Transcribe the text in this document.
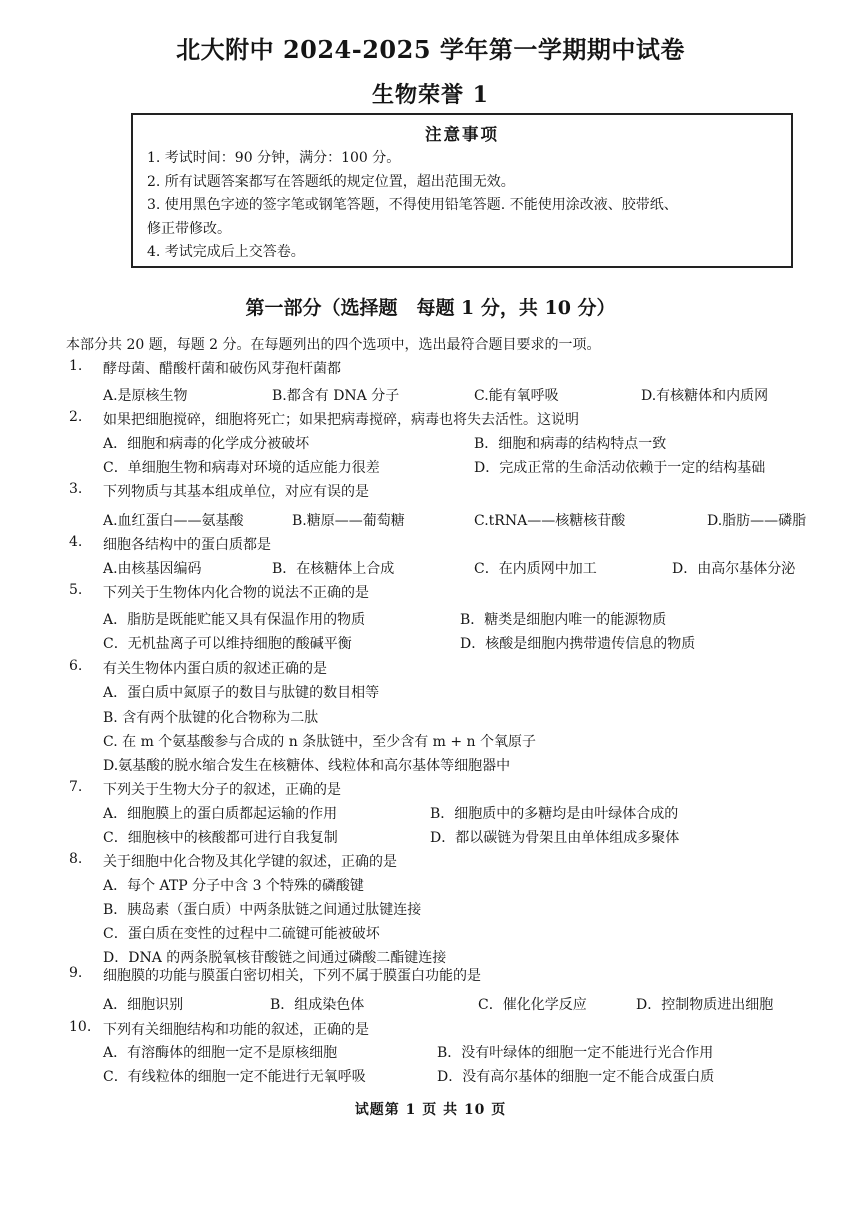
北大附中 2024-2025 学年第一学期期中试卷
生物荣誉 1
注意事项
1. 考试时间：90 分钟，满分：100 分。
2. 所有试题答案都写在答题纸的规定位置，超出范围无效。
3. 使用黑色字迹的签字笔或钢笔答题，不得使用铅笔答题. 不能使用涂改液、胶带纸、
修正带修改。
4. 考试完成后上交答卷。
第一部分（选择题　每题 1 分，共 10 分）
本部分共 20 题，每题 2 分。在每题列出的四个选项中，选出最符合题目要求的一项。
1.	酵母菌、醋酸杆菌和破伤风芽孢杆菌都
A.是原核生物	B.都含有 DNA 分子	C.能有氧呼吸	D.有核糖体和内质网
2.	如果把细胞搅碎，细胞将死亡；如果把病毒搅碎，病毒也将失去活性。这说明
A．细胞和病毒的化学成分被破坏	B．细胞和病毒的结构特点一致
C．单细胞生物和病毒对环境的适应能力很差	D．完成正常的生命活动依赖于一定的结构基础
3.	下列物质与其基本组成单位，对应有误的是
A.血红蛋白——氨基酸	B.糖原——葡萄糖	C.tRNA——核糖核苷酸	D.脂肪——磷脂
4.	细胞各结构中的蛋白质都是
A.由核基因编码	B．在核糖体上合成	C．在内质网中加工	D．由高尔基体分泌
5.	下列关于生物体内化合物的说法不正确的是
A．脂肪是既能贮能又具有保温作用的物质	B．糖类是细胞内唯一的能源物质
C．无机盐离子可以维持细胞的酸碱平衡	D．核酸是细胞内携带遗传信息的物质
6.	有关生物体内蛋白质的叙述正确的是
A．蛋白质中氮原子的数目与肽键的数目相等
B. 含有两个肽键的化合物称为二肽
C. 在 m 个氨基酸参与合成的 n 条肽链中，至少含有 m + n 个氧原子
D.氨基酸的脱水缩合发生在核糖体、线粒体和高尔基体等细胞器中
7.	下列关于生物大分子的叙述，正确的是
A．细胞膜上的蛋白质都起运输的作用	B．细胞质中的多糖均是由叶绿体合成的
C．细胞核中的核酸都可进行自我复制	D．都以碳链为骨架且由单体组成多聚体
8.	关于细胞中化合物及其化学键的叙述，正确的是
A．每个 ATP 分子中含 3 个特殊的磷酸键
B．胰岛素（蛋白质）中两条肽链之间通过肽键连接
C．蛋白质在变性的过程中二硫键可能被破坏
D．DNA 的两条脱氧核苷酸链之间通过磷酸二酯键连接
9.	细胞膜的功能与膜蛋白密切相关，下列不属于膜蛋白功能的是
A．细胞识别	B．组成染色体	C．催化化学反应	D．控制物质进出细胞
10. 下列有关细胞结构和功能的叙述，正确的是
A．有溶酶体的细胞一定不是原核细胞	B．没有叶绿体的细胞一定不能进行光合作用
C．有线粒体的细胞一定不能进行无氧呼吸	D．没有高尔基体的细胞一定不能合成蛋白质
试题第 1 页 共 10 页
